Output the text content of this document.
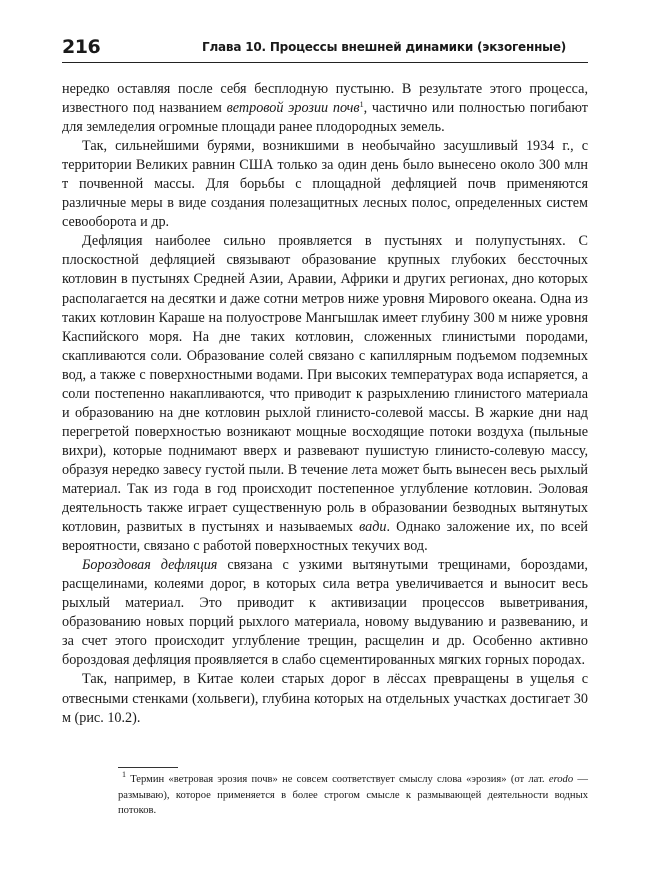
216	Глава 10. Процессы внешней динамики (экзогенные)

нередко оставляя после себя бесплодную пустыню. В результате этого процесса, известного под названием ветровой эрозии почв$^1$, частично или полностью погибают для земледелия огромные площади ранее плодородных земель.

Так, сильнейшими бурями, возникшими в необычайно засушливый 1934 г., с территории Великих равнин США только за один день было вынесено около 300 млн т почвенной массы. Для борьбы с площадной дефляцией почв применяются различные меры в виде создания полезащитных лесных полос, определенных систем севооборота и др.

Дефляция наиболее сильно проявляется в пустынях и полупустынях. С плоскостной дефляцией связывают образование крупных глубоких бессточных котловин в пустынях Средней Азии, Аравии, Африки и других регионах, дно которых располагается на десятки и даже сотни метров ниже уровня Мирового океана. Одна из таких котловин Караше на полуострове Мангышлак имеет глубину 300 м ниже уровня Каспийского моря. На дне таких котловин, сложенных глинистыми породами, скапливаются соли. Образование солей связано с капиллярным подъемом подземных вод, а также с поверхностными водами. При высоких температурах вода испаряется, а соли постепенно накапливаются, что приводит к разрыхлению глинистого материала и образованию на дне котловин рыхлой глинисто-солевой массы. В жаркие дни над перегретой поверхностью возникают мощные восходящие потоки воздуха (пыльные вихри), которые поднимают вверх и развевают пушистую глинисто-солевую массу, образуя нередко завесу густой пыли. В течение лета может быть вынесен весь рыхлый материал. Так из года в год происходит постепенное углубление котловин. Эоловая деятельность также играет существенную роль в образовании безводных вытянутых котловин, развитых в пустынях и называемых вади. Однако заложение их, по всей вероятности, связано с работой поверхностных текучих вод.

Бороздовая дефляция связана с узкими вытянутыми трещинами, бороздами, расщелинами, колеями дорог, в которых сила ветра увеличивается и выносит весь рыхлый материал. Это приводит к активизации процессов выветривания, образованию новых порций рыхлого материала, новому выдуванию и развеванию, и за счет этого происходит углубление трещин, расщелин и др. Особенно активно бороздовая дефляция проявляется в слабо сцементированных мягких горных породах.

Так, например, в Китае колеи старых дорог в лёссах превращены в ущелья с отвесными стенками (хольвеги), глубина которых на отдельных участках достигает 30 м (рис. 10.2).

$^1$ Термин «ветровая эрозия почв» не совсем соответствует смыслу слова «эрозия» (от лат. erodo — размываю), которое применяется в более строгом смысле к размывающей деятельности водных потоков.
